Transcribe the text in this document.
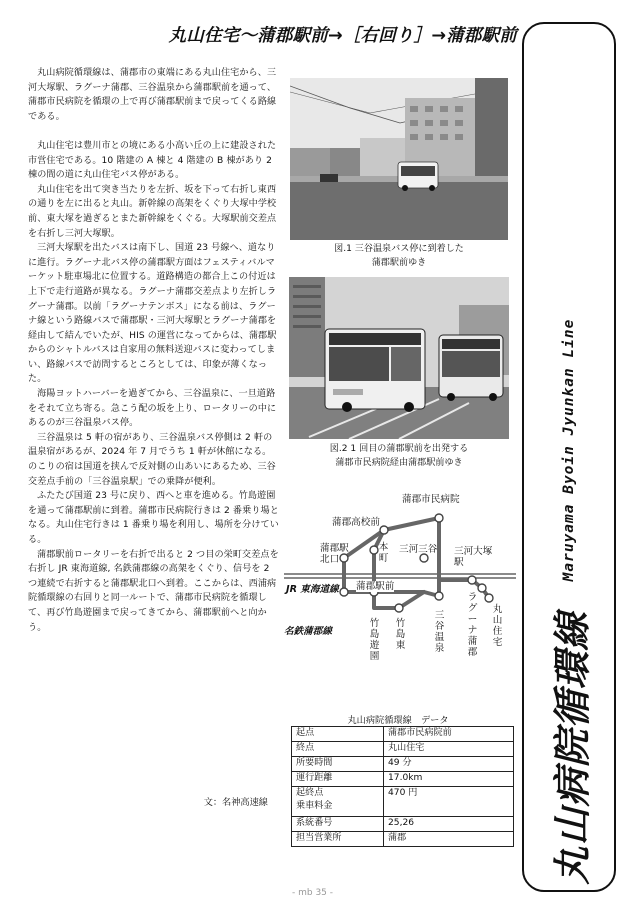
丸山住宅～蒲郡駅前→［右回り］→蒲郡駅前

丸山病院循環線は、蒲郡市の東端にある丸山住宅から、三河大塚駅、ラグーナ蒲郡、三谷温泉から蒲郡駅前を通って、蒲郡市民病院を循環の上で再び蒲郡駅前まで戻ってくる路線である。

丸山住宅は豊川市との境にある小高い丘の上に建設された市営住宅である。10 階建の A 棟と 4 階建の B 棟があり 2 棟の間の道に丸山住宅バス停がある。

丸山住宅を出て突き当たりを左折、坂を下って右折し東西の通りを左に出ると丸山。新幹線の高架をくぐり大塚中学校前、東大塚を過ぎるとまた新幹線をくぐる。大塚駅前交差点を右折し三河大塚駅。

三河大塚駅を出たバスは南下し、国道 23 号線へ、道なりに進行。ラグーナ北バス停の蒲郡駅方面はフェスティバルマーケット駐車場北に位置する。道路構造の都合上この付近は上下で走行道路が異なる。ラグーナ蒲郡交差点より左折しラグーナ蒲郡。以前「ラグーナテンボス」になる前は、ラグーナ線という路線バスで蒲郡駅・三河大塚駅とラグーナ蒲郡を経由して結んでいたが、HIS の運営になってからは、蒲郡駅からのシャトルバスは自家用の無料送迎バスに変わってしまい、路線バスで訪問するところとしては、印象が薄くなった。

海陽ヨットハーバーを過ぎてから、三谷温泉に、一旦道路をそれて立ち寄る。急こう配の坂を上り、ロータリーの中にあるのが三谷温泉バス停。

三谷温泉は 5 軒の宿があり、三谷温泉バス停側は 2 軒の温泉宿があるが、2024 年 7 月でうち 1 軒が休館になる。のこりの宿は国道を挟んで反対側の山あいにあるため、三谷交差点手前の「三谷温泉駅」での乗降が便利。

ふたたび国道 23 号に戻り、西へと車を進める。竹島遊園を通って蒲郡駅前に到着。蒲郡市民病院行きは 2 番乗り場となる。丸山住宅行きは 1 番乗り場を利用し、場所を分けている。

蒲郡駅前ロータリーを右折で出ると 2 つ目の栄町交差点を右折し JR 東海道線, 名鉄蒲郡線の高架をくぐり、信号を 2 つ連続で右折すると蒲郡駅北口へ到着。ここからは、西浦病院循環線の右回りと同一ルートで、蒲郡市民病院を循環して、再び竹島遊園まで戻ってきてから、蒲郡駅前へと向かう。

文：名神高速線
- mb 35 -
図.1 三谷温泉バス停に到着した
蒲郡駅前ゆき
図.2 1 回目の蒲郡駅前を出発する
蒲郡市民病院経由蒲郡駅前ゆき
蒲郡市民病院
蒲郡高校前
蒲郡駅
北口
本町
三河三谷 三河大塚駅
蒲郡駅前
JR 東海道線
名鉄蒲郡線
竹島遊園
竹島東
三谷温泉
ラグーナ蒲郡
丸山住宅
丸山病院循環線　データ
起点	蒲郡市民病院前
終点	丸山住宅
所要時間	49 分
運行距離	17.0km
起終点
乗車料金	470 円
系統番号	25,26
担当営業所	蒲郡
Maruyama Byoin Jyunkan Line
丸山病院循環線
